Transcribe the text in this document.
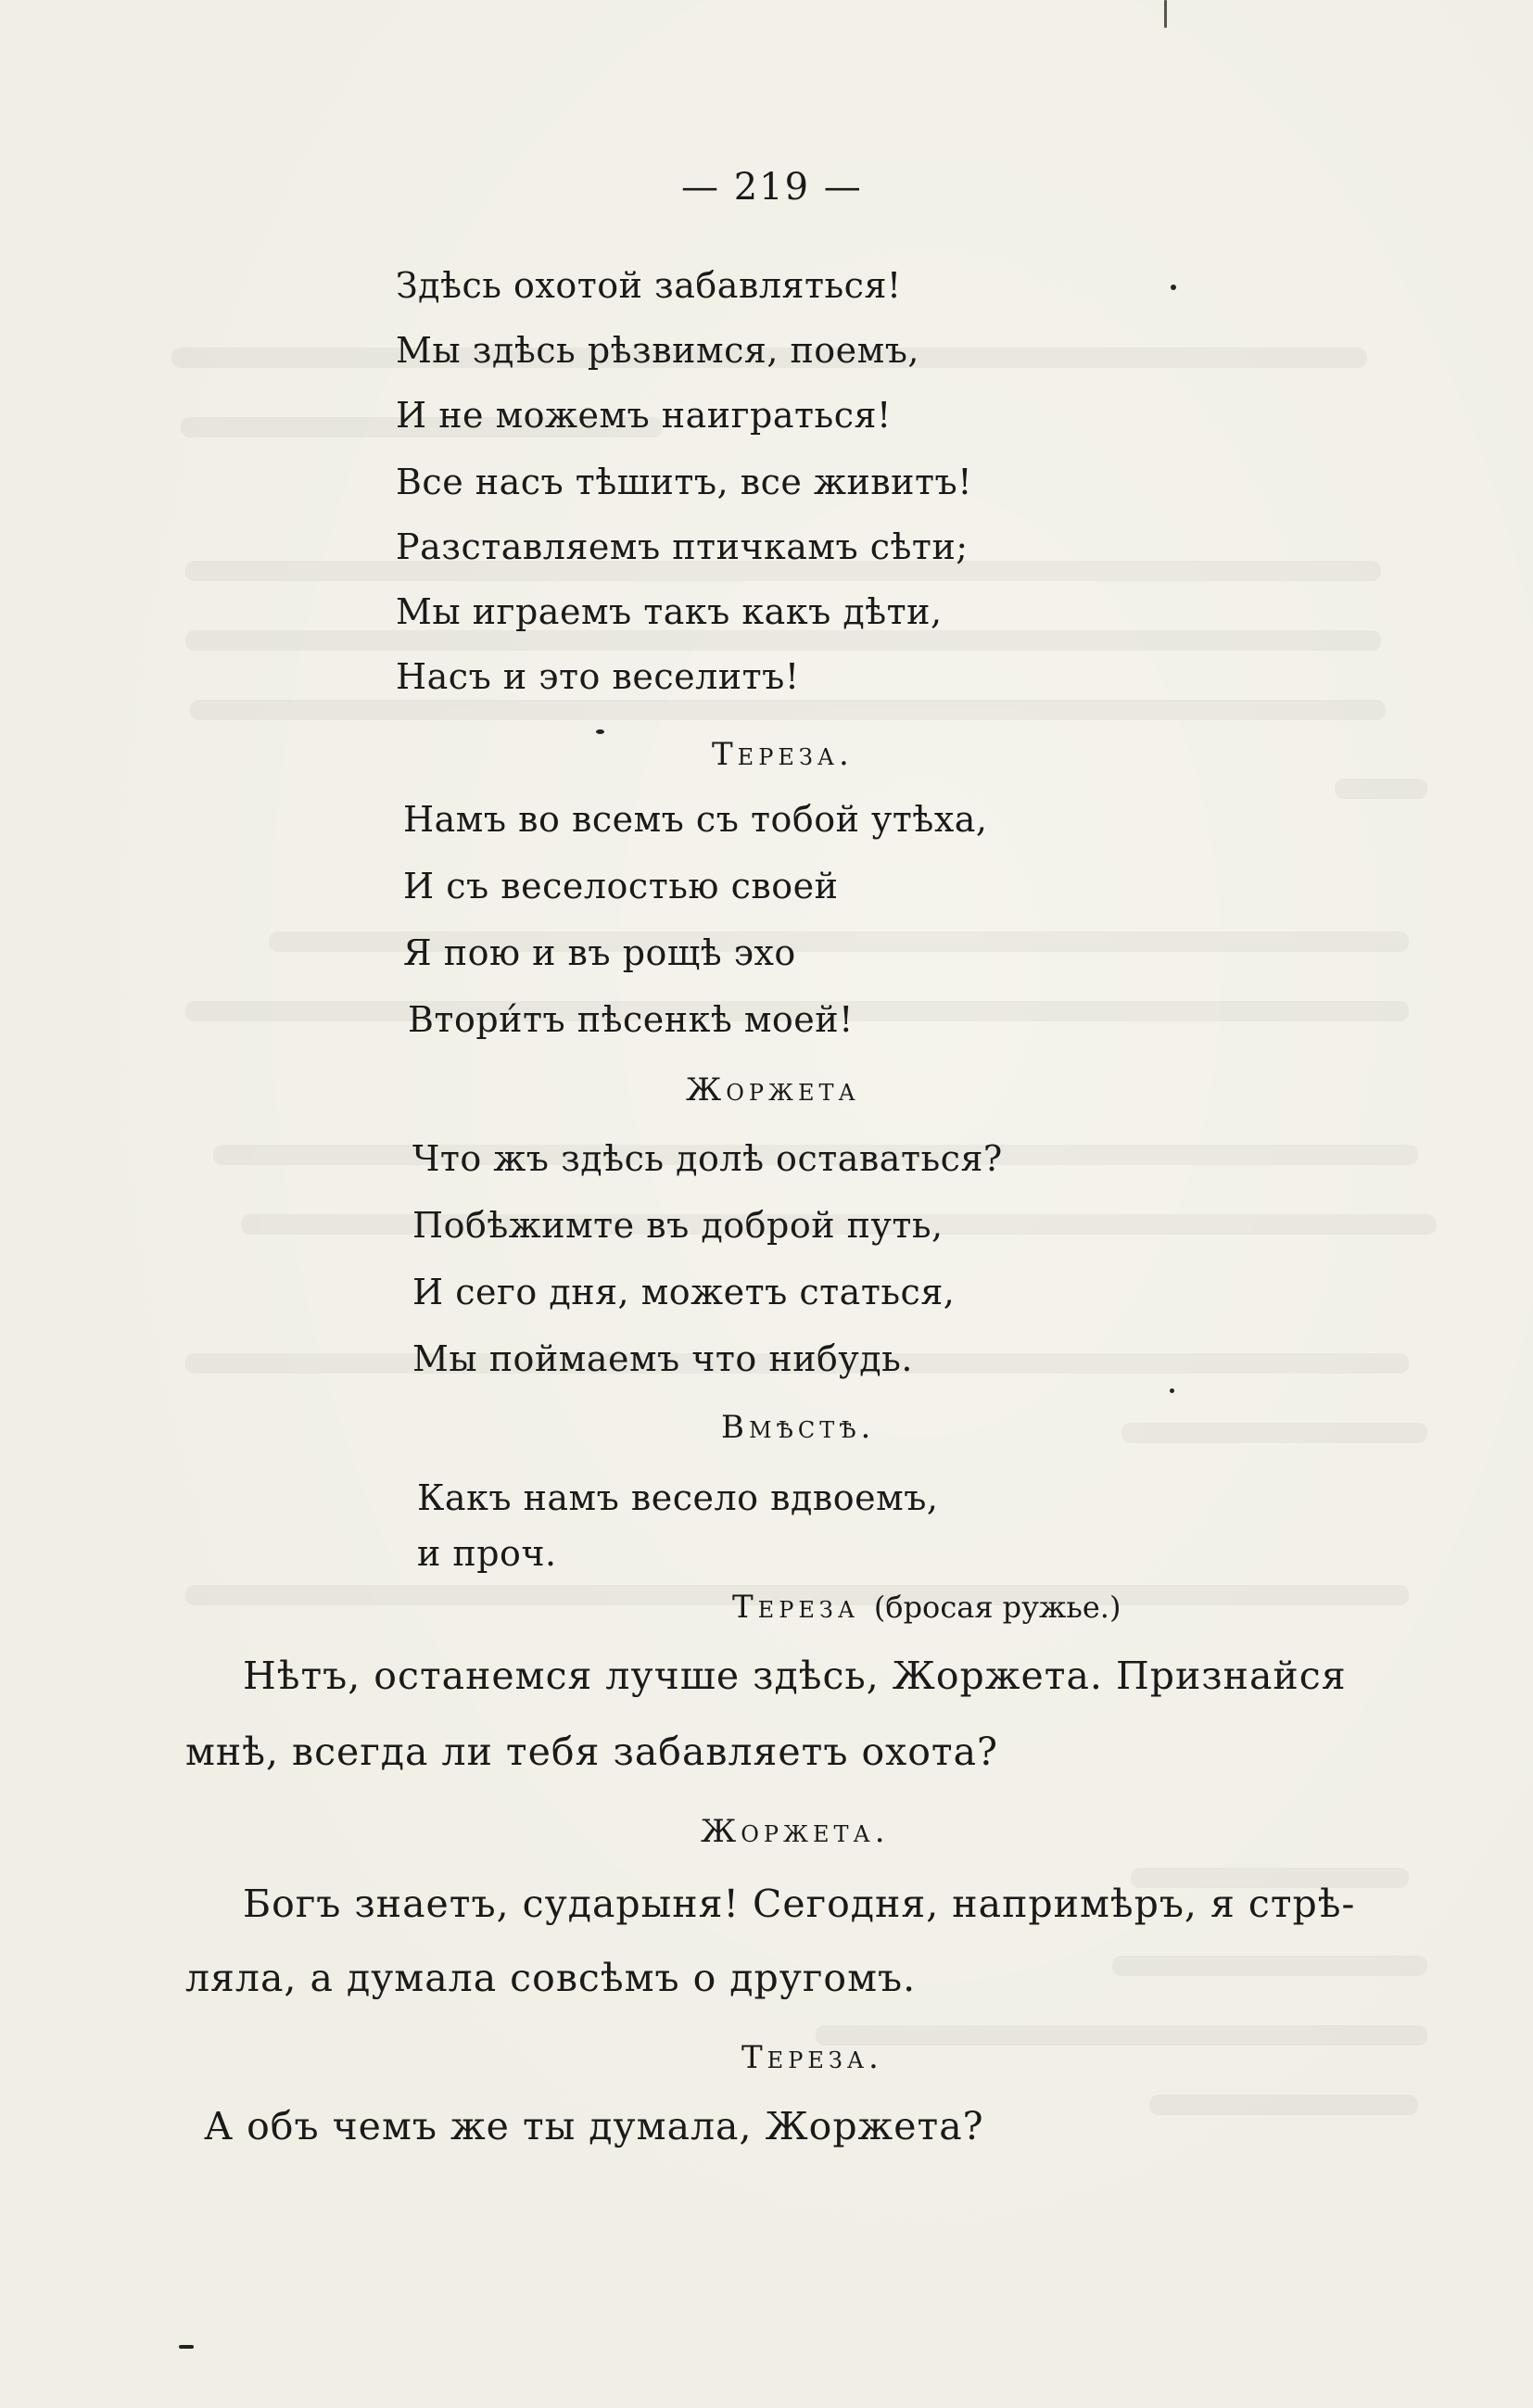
— 219 —
Здѣсь охотой забавляться!
Мы здѣсь рѣзвимся, поемъ,
И не можемъ наиграться!
Все насъ тѣшитъ, все живитъ!
Разставляемъ птичкамъ сѣти;
Мы играемъ такъ какъ дѣти,
Насъ и это веселитъ!
Тереза.
Намъ во всемъ съ тобой утѣха,
И съ веселостью своей
Я пою и въ рощѣ эхо
Втори́тъ пѣсенкѣ моей!
Жоржета
Что жъ здѣсь долѣ оставаться?
Побѣжимте въ доброй путь,
И сего дня, можетъ статься,
Мы поймаемъ что нибудь.
Вмѣстѣ.
Какъ намъ весело вдвоемъ,
и проч.
Тереза (бросая ружье.)
Нѣтъ, останемся лучше здѣсь, Жоржета. Признайся
мнѣ, всегда ли тебя забавляетъ охота?
Жоржета.
Богъ знаетъ, сударыня! Сегодня, напримѣръ, я стрѣ-
ляла, а думала совсѣмъ о другомъ.
Тереза.
А объ чемъ же ты думала, Жоржета?
